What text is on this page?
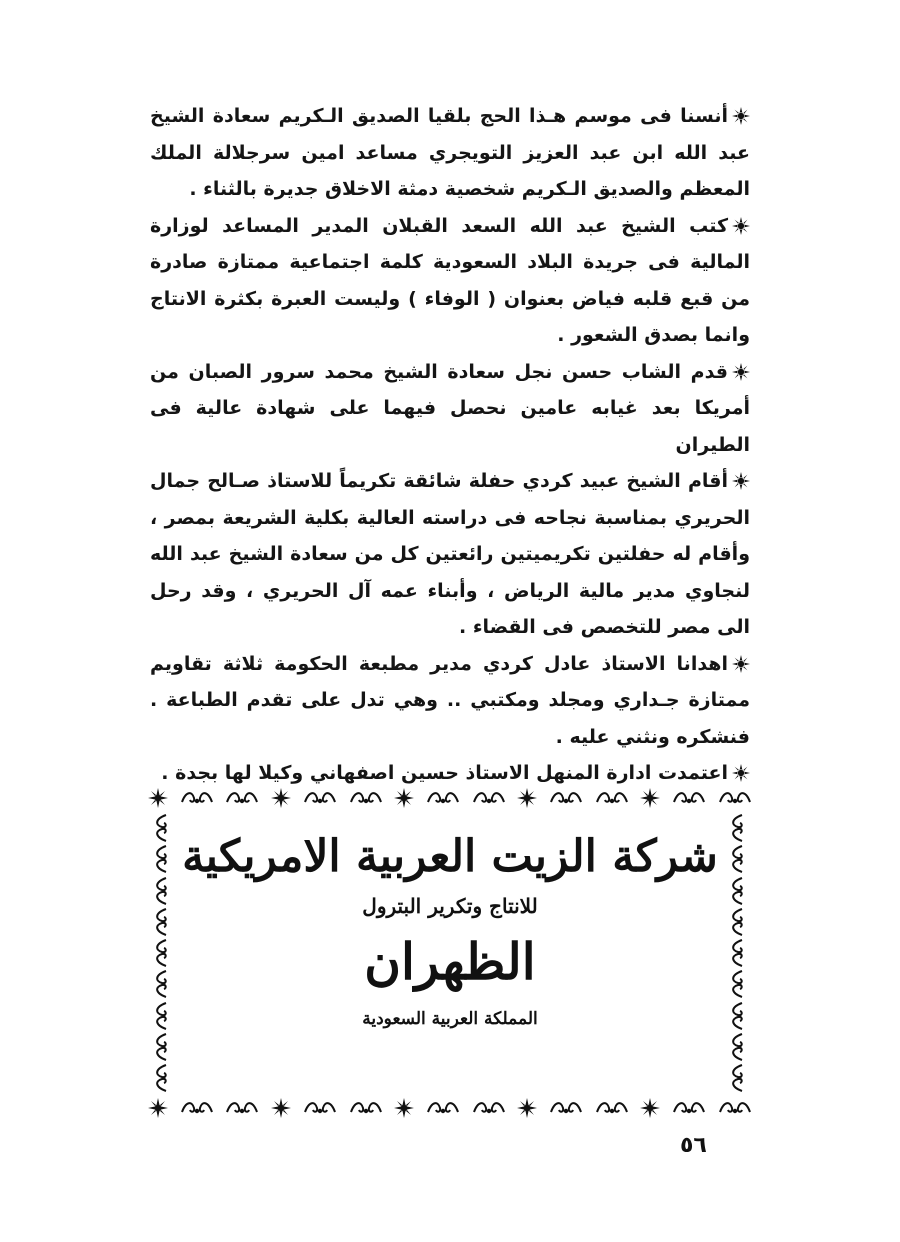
أنسنا فى موسم هـذا الحج بلقيا الصديق الـكريم سعادة الشيخ عبد الله ابن عبد العزيز التويجري مساعد امين سرجلالة الملك المعظم والصديق الـكريم شخصية دمثة الاخلاق جديرة بالثناء .

كتب الشيخ عبد الله السعد القبلان المدير المساعد لوزارة المالية فى جريدة البلاد السعودية كلمة اجتماعية ممتازة صادرة من قبع قلبه فياض بعنوان ( الوفاء ) وليست العبرة بكثرة الانتاج وانما بصدق الشعور .

قدم الشاب حسن نجل سعادة الشيخ محمد سرور الصبان من أمريكا بعد غيابه عامين نحصل فيهما على شهادة عالية فى الطيران

أقام الشيخ عبيد كردي حفلة شائقة تكريماً للاستاذ صـالح جمال الحريري بمناسبة نجاحه فى دراسته العالية بكلية الشريعة بمصر ، وأقام له حفلتين تكريميتين رائعتين كل من سعادة الشيخ عبد الله لنجاوي مدير مالية الرياض ، وأبناء عمه آل الحريري ، وقد رحل الى مصر للتخصص فى القضاء .

اهدانا الاستاذ عادل كردي مدير مطبعة الحكومة ثلاثة تقاويم ممتازة جـداري ومجلد ومكتبي .. وهي تدل على تقدم الطباعة . فنشكره ونثني عليه .

اعتمدت ادارة المنهل الاستاذ حسين اصفهاني وكيلا لها بجدة .

شركة الزيت العربية الامريكية
للانتاج وتكرير البترول
الظهران
المملكة العربية السعودية
٥٦
